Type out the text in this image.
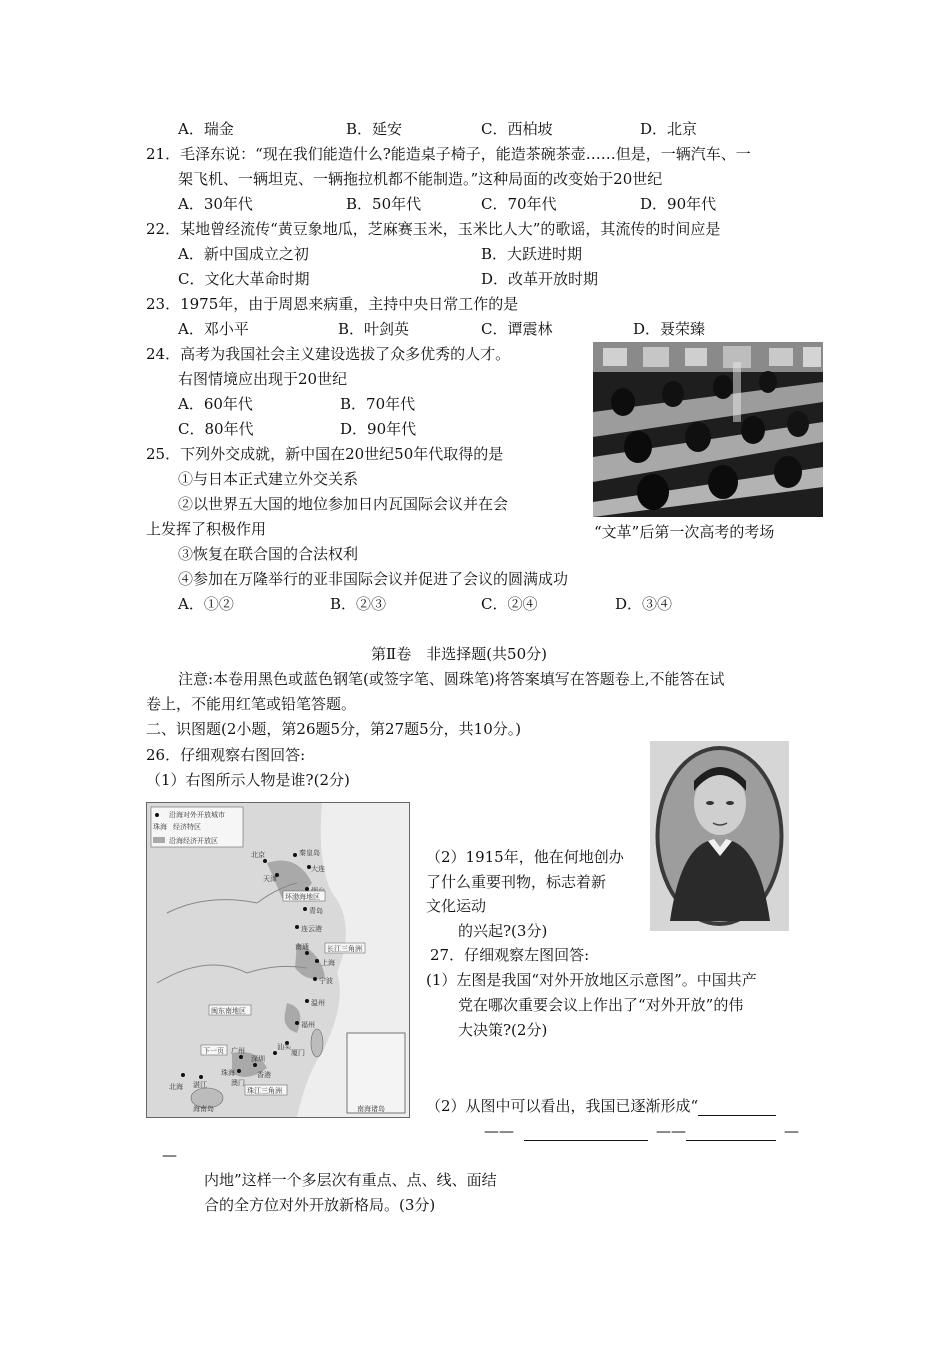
A．瑞金	B．延安	C．西柏坡	D．北京
21．毛泽东说：“现在我们能造什么?能造桌子椅子，能造茶碗茶壶……但是，一辆汽车、一
架飞机、一辆坦克、一辆拖拉机都不能制造。”这种局面的改变始于20世纪
A．30年代	B．50年代	C．70年代	D．90年代
22．某地曾经流传“黄豆象地瓜，芝麻赛玉米，玉米比人大”的歌谣，其流传的时间应是
A．新中国成立之初	B．大跃进时期
C．文化大革命时期	D．改革开放时期
23．1975年，由于周恩来病重，主持中央日常工作的是
A．邓小平	B．叶剑英	C．谭震林	D．聂荣臻
24．高考为我国社会主义建设选拔了众多优秀的人才。
右图情境应出现于20世纪
A．60年代	B．70年代
C．80年代	D．90年代
“文革”后第一次高考的考场
25．下列外交成就，新中国在20世纪50年代取得的是
①与日本正式建立外交关系
②以世界五大国的地位参加日内瓦国际会议并在会
上发挥了积极作用
③恢复在联合国的合法权利
④参加在万隆举行的亚非国际会议并促进了会议的圆满成功
A．①②	B．②③	C．②④	D．③④
第Ⅱ卷　非选择题(共50分)
注意:本卷用黑色或蓝色钢笔(或签字笔、圆珠笔)将答案填写在答题卷上,不能答在试
卷上，不能用红笔或铅笔答题。
二、识图题(2小题，第26题5分，第27题5分，共10分。)
26．仔细观察右图回答:
（1）右图所示人物是谁?(2分)
沿海对外开放城市
珠海 经济特区
沿海经济开放区
北京	秦皇岛
天津
大连
青岛
连云港
南通
上海
宁波
温州
福州
厦门
汕头
广州
深圳
珠海
澳门
香港
湛江
北海
海南岛	南海诸岛
环渤海地区
长江三角洲
闽东南地区
珠江三角洲
下一页
（2）1915年，他在何地创办
了什么重要刊物，标志着新
文化运动
的兴起?(3分)
27．仔细观察左图回答:
(1）左图是我国“对外开放地区示意图”。中国共产
党在哪次重要会议上作出了“对外开放”的伟
大决策?(2分)
（2）从图中可以看出，我国已逐渐形成“
——	——	—
—
内地”这样一个多层次有重点、点、线、面结
合的全方位对外开放新格局。(3分)
